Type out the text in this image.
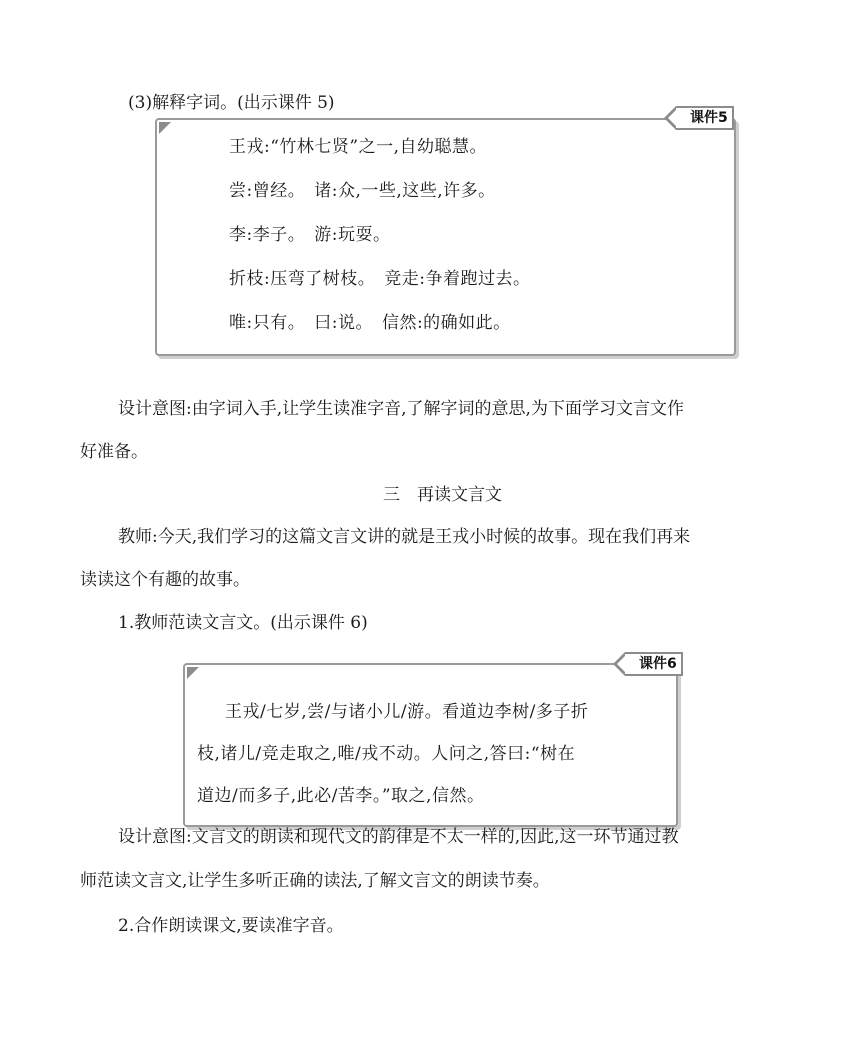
(3)解释字词。(出示课件 5)
王戎:“竹林七贤”之一,自幼聪慧。
尝:曾经。　诸:众,一些,这些,许多。
李:李子。　游:玩耍。
折枝:压弯了树枝。　竞走:争着跑过去。
唯:只有。　曰:说。　信然:的确如此。
课件5
设计意图:由字词入手,让学生读准字音,了解字词的意思,为下面学习文言文作
好准备。
三　再读文言文
教师:今天,我们学习的这篇文言文讲的就是王戎小时候的故事。现在我们再来
读读这个有趣的故事。
1.教师范读文言文。(出示课件 6)
王戎/七岁,尝/与诸小儿/游。看道边李树/多子折
枝,诸儿/竞走取之,唯/戎不动。人问之,答曰:“树在
道边/而多子,此必/苦李。”取之,信然。
课件6
设计意图:文言文的朗读和现代文的韵律是不太一样的,因此,这一环节通过教
师范读文言文,让学生多听正确的读法,了解文言文的朗读节奏。
2.合作朗读课文,要读准字音。
